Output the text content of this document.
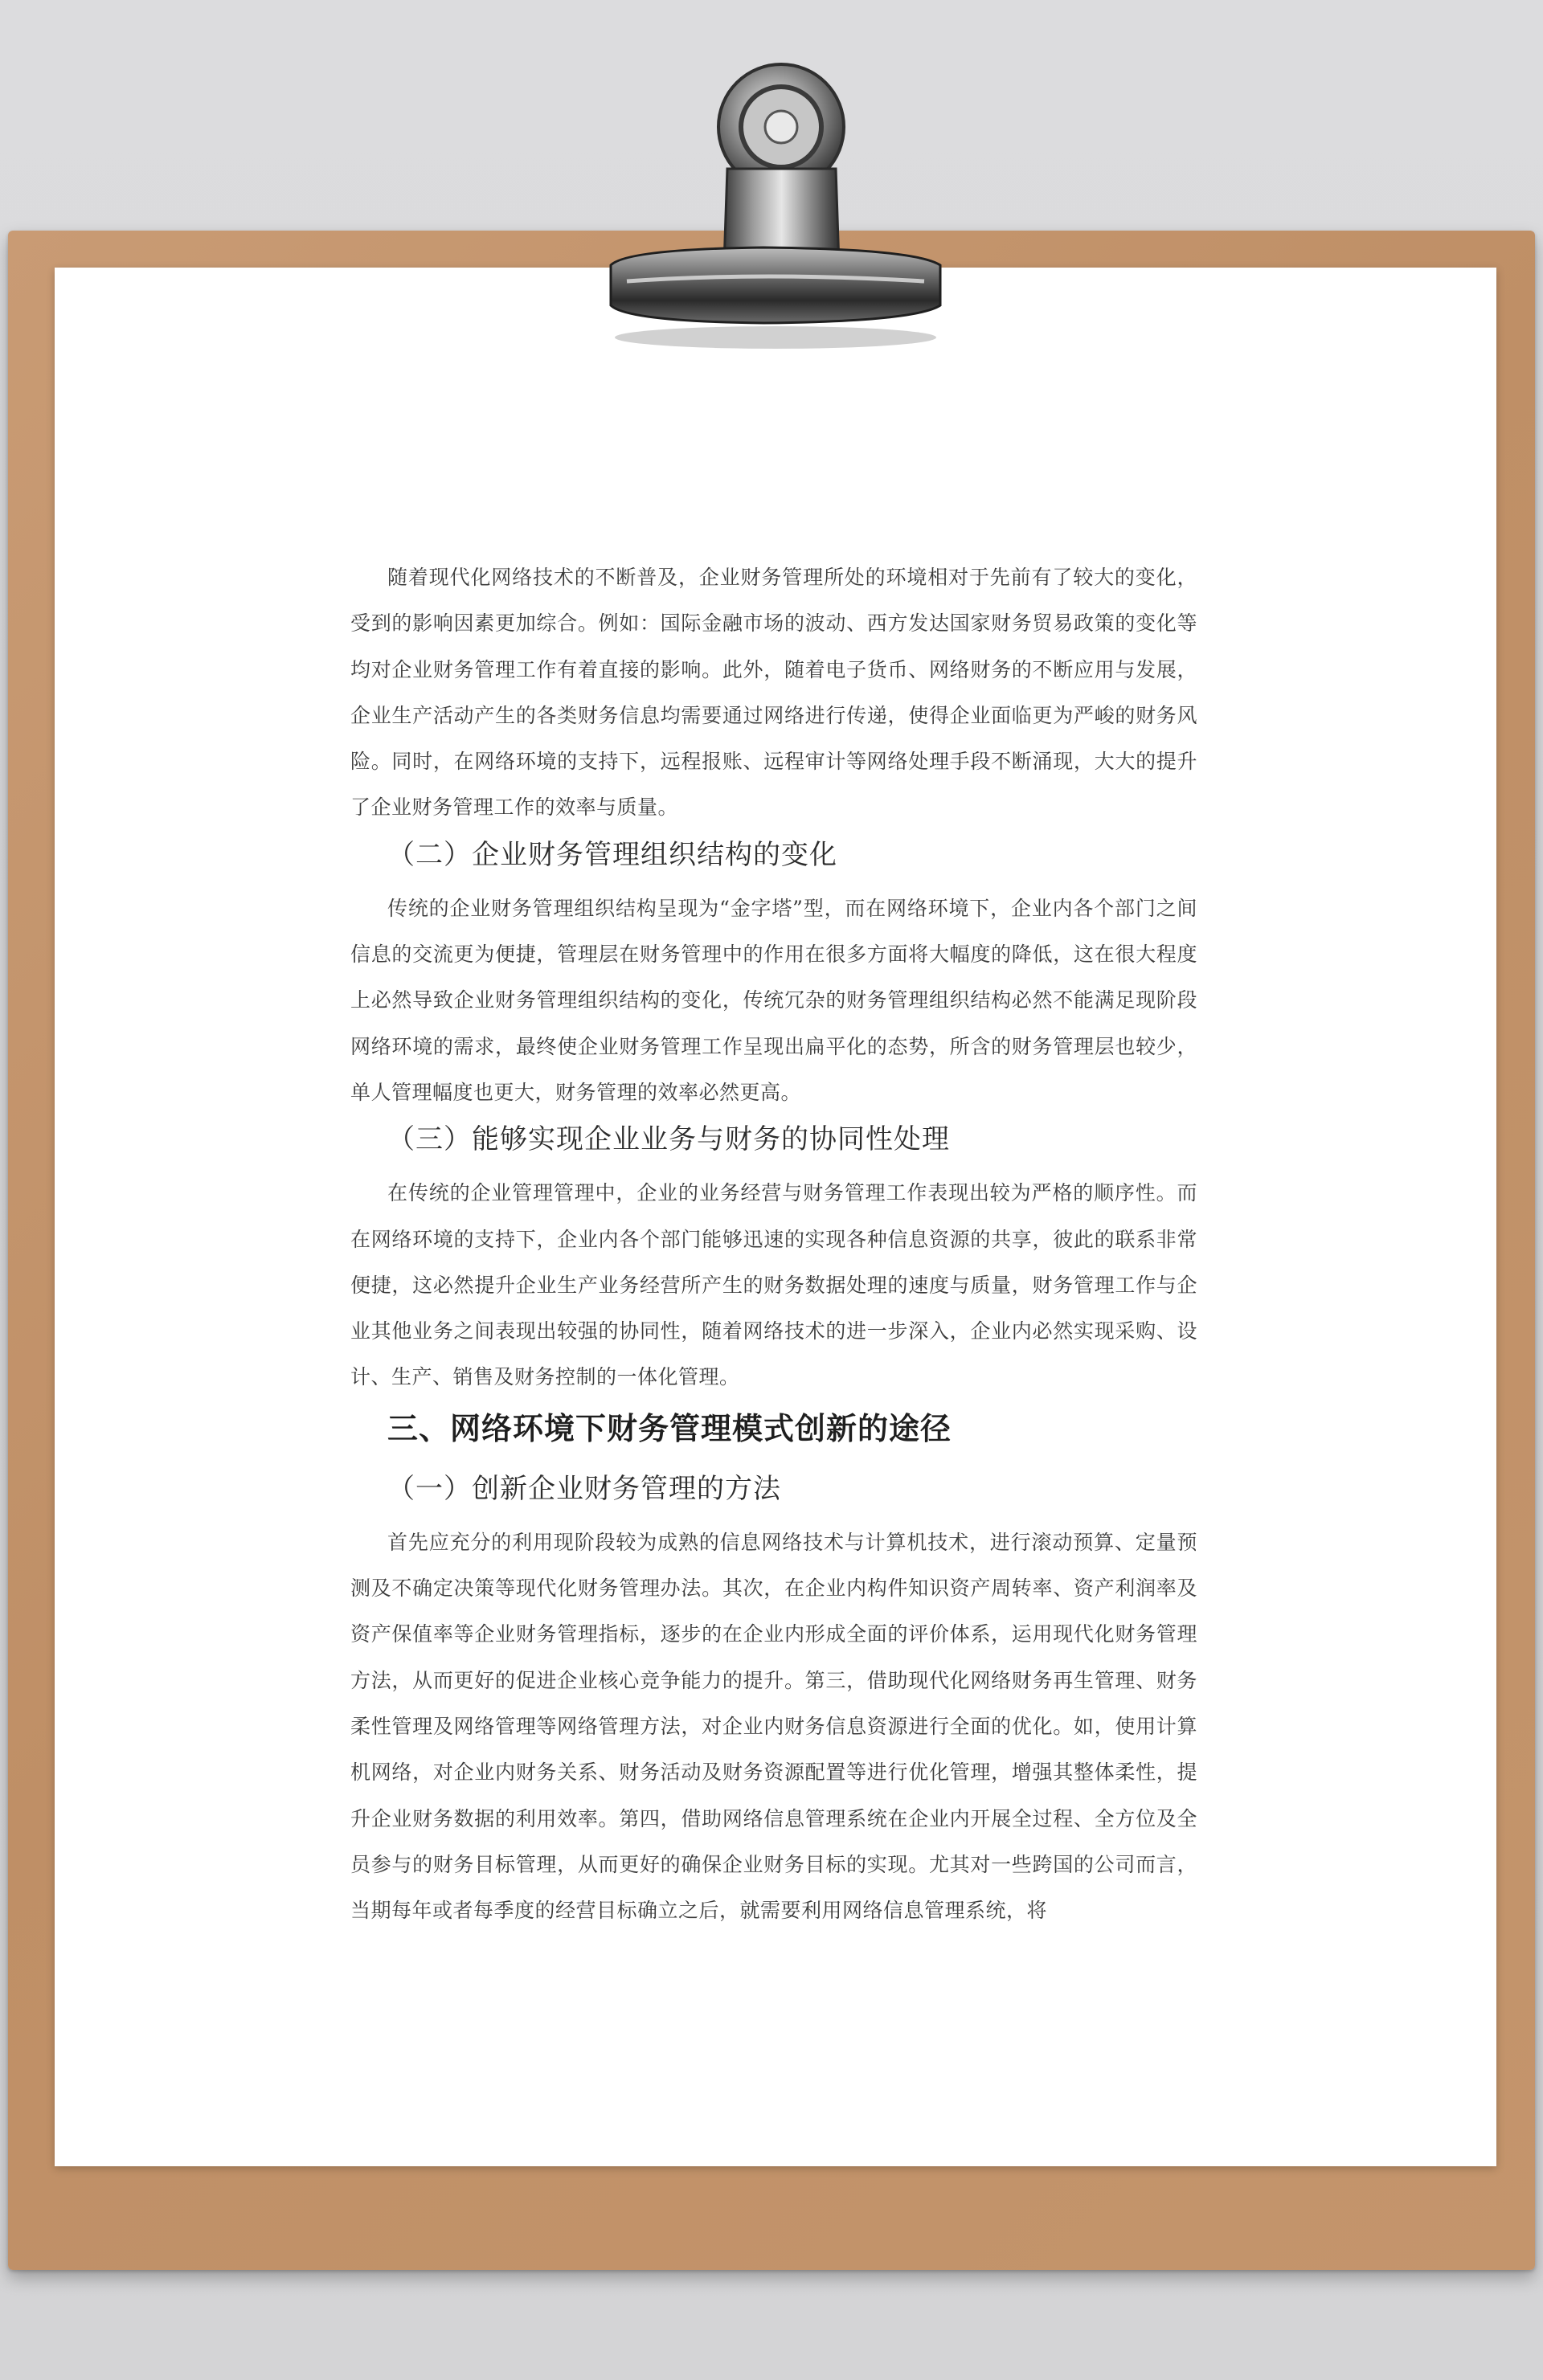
随着现代化网络技术的不断普及，企业财务管理所处的环境相对于先前有了较大的变化，受到的影响因素更加综合。例如：国际金融市场的波动、西方发达国家财务贸易政策的变化等均对企业财务管理工作有着直接的影响。此外，随着电子货币、网络财务的不断应用与发展，企业生产活动产生的各类财务信息均需要通过网络进行传递，使得企业面临更为严峻的财务风险。同时，在网络环境的支持下，远程报账、远程审计等网络处理手段不断涌现，大大的提升了企业财务管理工作的效率与质量。

（二）企业财务管理组织结构的变化

传统的企业财务管理组织结构呈现为“金字塔”型，而在网络环境下，企业内各个部门之间信息的交流更为便捷，管理层在财务管理中的作用在很多方面将大幅度的降低，这在很大程度上必然导致企业财务管理组织结构的变化，传统冗杂的财务管理组织结构必然不能满足现阶段网络环境的需求，最终使企业财务管理工作呈现出扁平化的态势，所含的财务管理层也较少，单人管理幅度也更大，财务管理的效率必然更高。

（三）能够实现企业业务与财务的协同性处理

在传统的企业管理管理中，企业的业务经营与财务管理工作表现出较为严格的顺序性。而在网络环境的支持下，企业内各个部门能够迅速的实现各种信息资源的共享，彼此的联系非常便捷，这必然提升企业生产业务经营所产生的财务数据处理的速度与质量，财务管理工作与企业其他业务之间表现出较强的协同性，随着网络技术的进一步深入，企业内必然实现采购、设计、生产、销售及财务控制的一体化管理。

三、网络环境下财务管理模式创新的途径

（一）创新企业财务管理的方法

首先应充分的利用现阶段较为成熟的信息网络技术与计算机技术，进行滚动预算、定量预测及不确定决策等现代化财务管理办法。其次，在企业内构件知识资产周转率、资产利润率及资产保值率等企业财务管理指标，逐步的在企业内形成全面的评价体系，运用现代化财务管理方法，从而更好的促进企业核心竞争能力的提升。第三，借助现代化网络财务再生管理、财务柔性管理及网络管理等网络管理方法，对企业内财务信息资源进行全面的优化。如，使用计算机网络，对企业内财务关系、财务活动及财务资源配置等进行优化管理，增强其整体柔性，提升企业财务数据的利用效率。第四，借助网络信息管理系统在企业内开展全过程、全方位及全员参与的财务目标管理，从而更好的确保企业财务目标的实现。尤其对一些跨国的公司而言，当期每年或者每季度的经营目标确立之后，就需要利用网络信息管理系统，将
